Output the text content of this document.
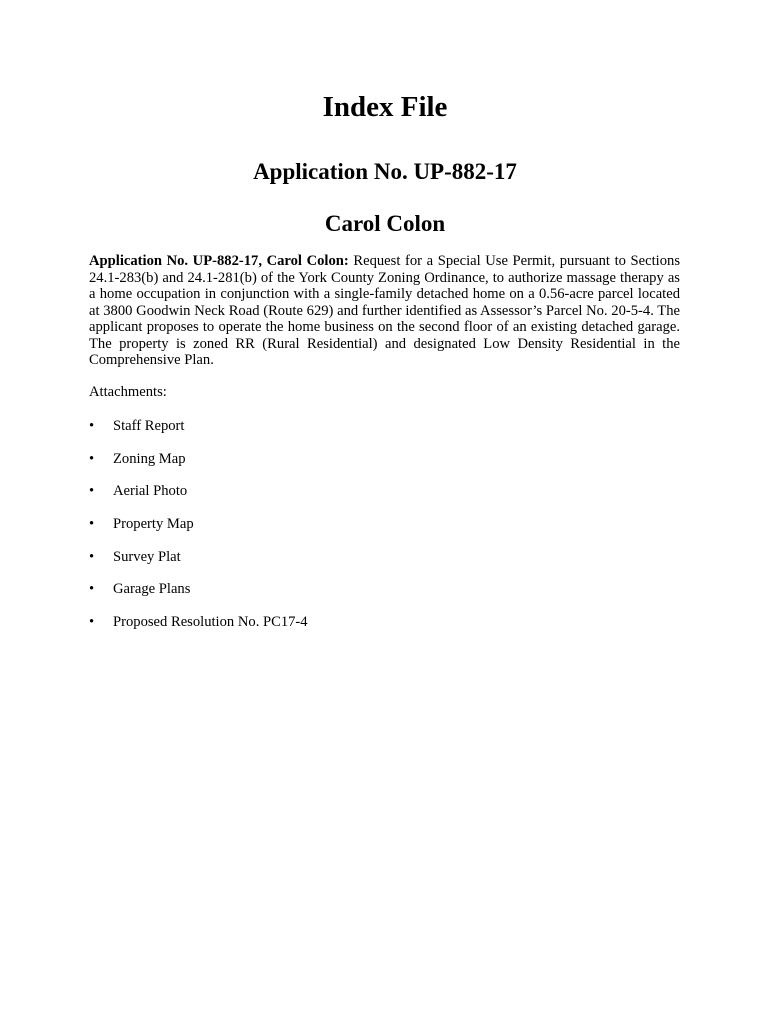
Index File
Application No. UP-882-17
Carol Colon

Application No. UP-882-17, Carol Colon: Request for a Special Use Permit, pursuant to Sections 24.1-283(b) and 24.1-281(b) of the York County Zoning Ordinance, to authorize massage therapy as a home occupation in conjunction with a single-family detached home on a 0.56-acre parcel located at 3800 Goodwin Neck Road (Route 629) and further identified as Assessor’s Parcel No. 20-5-4. The applicant proposes to operate the home business on the second floor of an existing detached garage. The property is zoned RR (Rural Residential) and designated Low Density Residential in the Comprehensive Plan.

Attachments:

•	Staff Report
•	Zoning Map
•	Aerial Photo
•	Property Map
•	Survey Plat
•	Garage Plans
•	Proposed Resolution No. PC17-4
